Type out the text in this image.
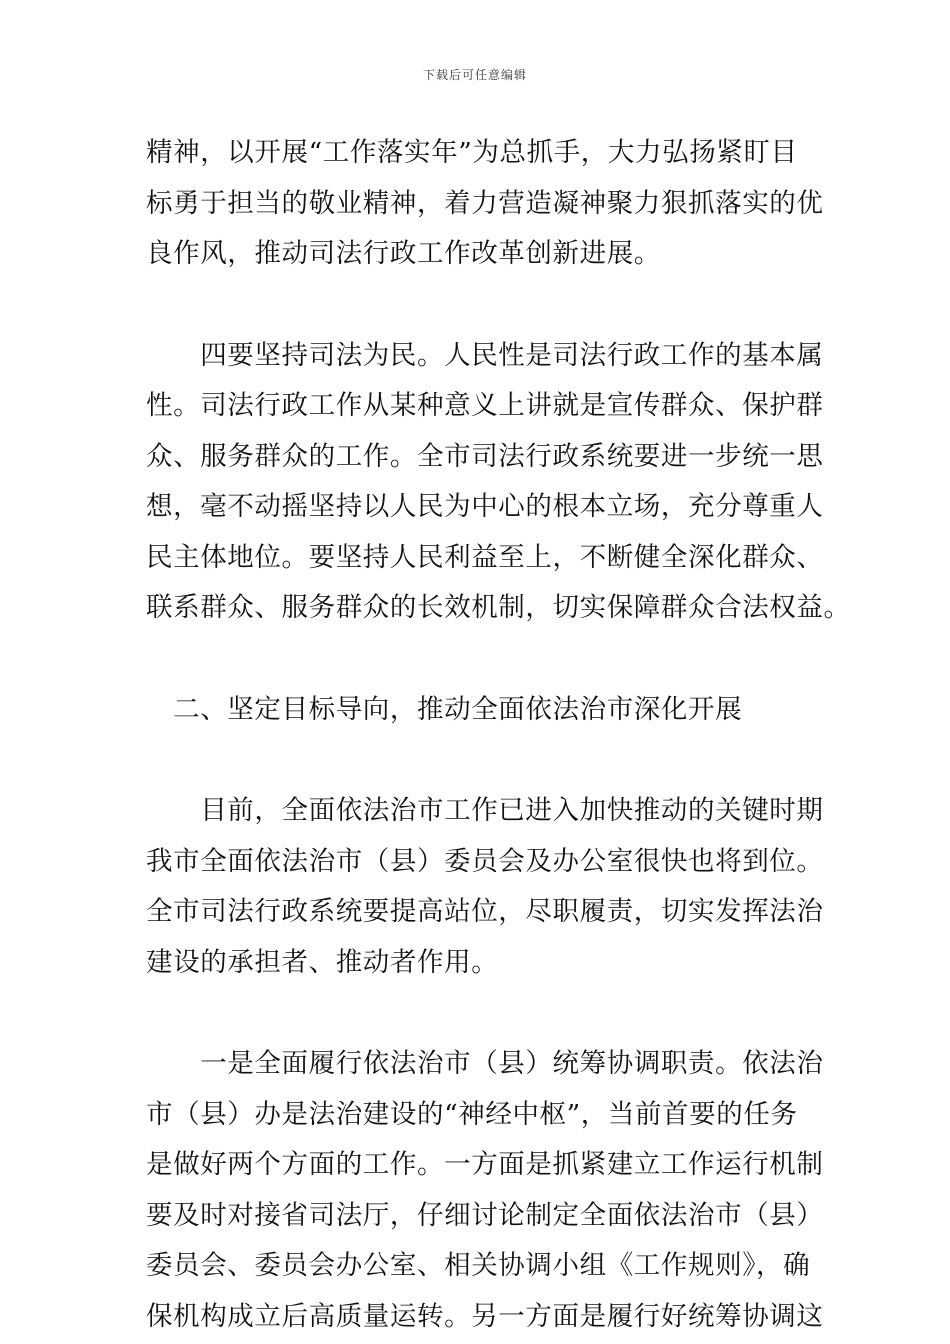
下载后可任意编辑

精神，以开展“工作落实年”为总抓手，大力弘扬紧盯目
标勇于担当的敬业精神，着力营造凝神聚力狠抓落实的优
良作风，推动司法行政工作改革创新进展。

　　四要坚持司法为民。人民性是司法行政工作的基本属
性。司法行政工作从某种意义上讲就是宣传群众、保护群
众、服务群众的工作。全市司法行政系统要进一步统一思
想，毫不动摇坚持以人民为中心的根本立场，充分尊重人
民主体地位。要坚持人民利益至上，不断健全深化群众、
联系群众、服务群众的长效机制，切实保障群众合法权益。

　二、坚定目标导向，推动全面依法治市深化开展

　　目前，全面依法治市工作已进入加快推动的关键时期
我市全面依法治市（县）委员会及办公室很快也将到位。
全市司法行政系统要提高站位，尽职履责，切实发挥法治
建设的承担者、推动者作用。

　　一是全面履行依法治市（县）统筹协调职责。依法治
市（县）办是法治建设的“神经中枢”，当前首要的任务
是做好两个方面的工作。一方面是抓紧建立工作运行机制
要及时对接省司法厅，仔细讨论制定全面依法治市（县）
委员会、委员会办公室、相关协调小组《工作规则》，确
保机构成立后高质量运转。另一方面是履行好统筹协调这
